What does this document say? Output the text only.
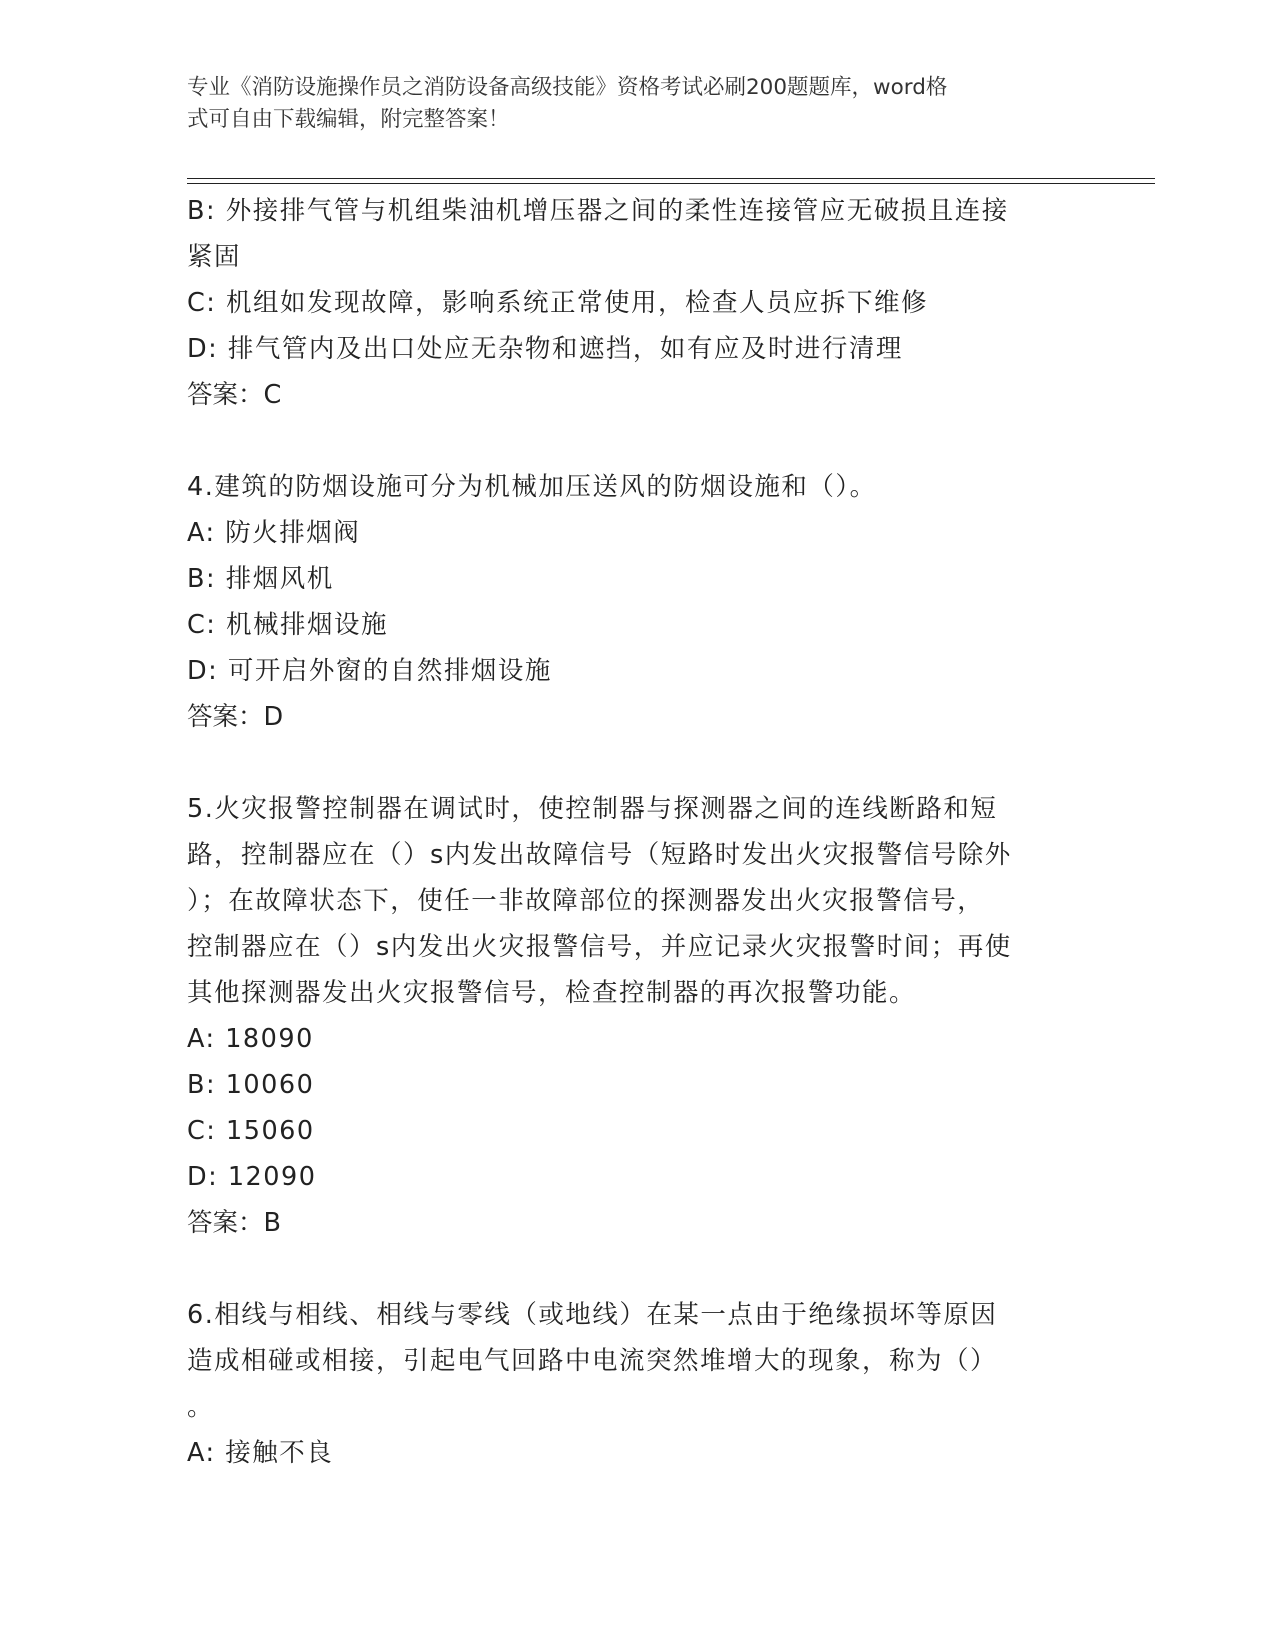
专业《消防设施操作员之消防设备高级技能》资格考试必刷200题题库，word格
式可自由下载编辑，附完整答案！
B: 外接排气管与机组柴油机增压器之间的柔性连接管应无破损且连接
紧固
C: 机组如发现故障，影响系统正常使用，检查人员应拆下维修
D: 排气管内及出口处应无杂物和遮挡，如有应及时进行清理
答案：C
4.建筑的防烟设施可分为机械加压送风的防烟设施和（）。
A: 防火排烟阀
B: 排烟风机
C: 机械排烟设施
D: 可开启外窗的自然排烟设施
答案：D
5.火灾报警控制器在调试时，使控制器与探测器之间的连线断路和短
路，控制器应在（）s内发出故障信号（短路时发出火灾报警信号除外
）；在故障状态下，使任一非故障部位的探测器发出火灾报警信号，
控制器应在（）s内发出火灾报警信号，并应记录火灾报警时间；再使
其他探测器发出火灾报警信号，检查控制器的再次报警功能。
A: 18090
B: 10060
C: 15060
D: 12090
答案：B
6.相线与相线、相线与零线（或地线）在某一点由于绝缘损坏等原因
造成相碰或相接，引起电气回路中电流突然堆增大的现象，称为（）
。
A: 接触不良
